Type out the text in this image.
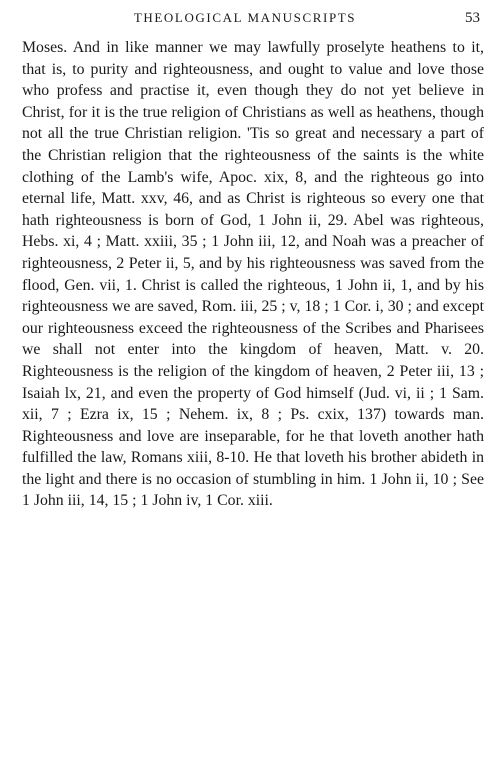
THEOLOGICAL MANUSCRIPTS	53

Moses. And in like manner we may lawfully proselyte heathens to it, that is, to purity and righteousness, and ought to value and love those who profess and practise it, even though they do not yet believe in Christ, for it is the true religion of Christians as well as heathens, though not all the true Christian religion. 'Tis so great and necessary a part of the Christian religion that the righteousness of the saints is the white clothing of the Lamb's wife, Apoc. xix, 8, and the righteous go into eternal life, Matt. xxv, 46, and as Christ is righteous so every one that hath righteousness is born of God, 1 John ii, 29. Abel was righteous, Hebs. xi, 4 ; Matt. xxiii, 35 ; 1 John iii, 12, and Noah was a preacher of righteousness, 2 Peter ii, 5, and by his righteousness was saved from the flood, Gen. vii, 1. Christ is called the righteous, 1 John ii, 1, and by his righteousness we are saved, Rom. iii, 25 ; v, 18 ; 1 Cor. i, 30 ; and except our righteousness exceed the righteousness of the Scribes and Pharisees we shall not enter into the kingdom of heaven, Matt. v. 20. Righteousness is the religion of the kingdom of heaven, 2 Peter iii, 13 ; Isaiah lx, 21, and even the property of God himself (Jud. vi, ii ; 1 Sam. xii, 7 ; Ezra ix, 15 ; Nehem. ix, 8 ; Ps. cxix, 137) towards man. Righteousness and love are inseparable, for he that loveth another hath fulfilled the law, Romans xiii, 8-10. He that loveth his brother abideth in the light and there is no occasion of stumbling in him. 1 John ii, 10 ; See 1 John iii, 14, 15 ; 1 John iv, 1 Cor. xiii.
